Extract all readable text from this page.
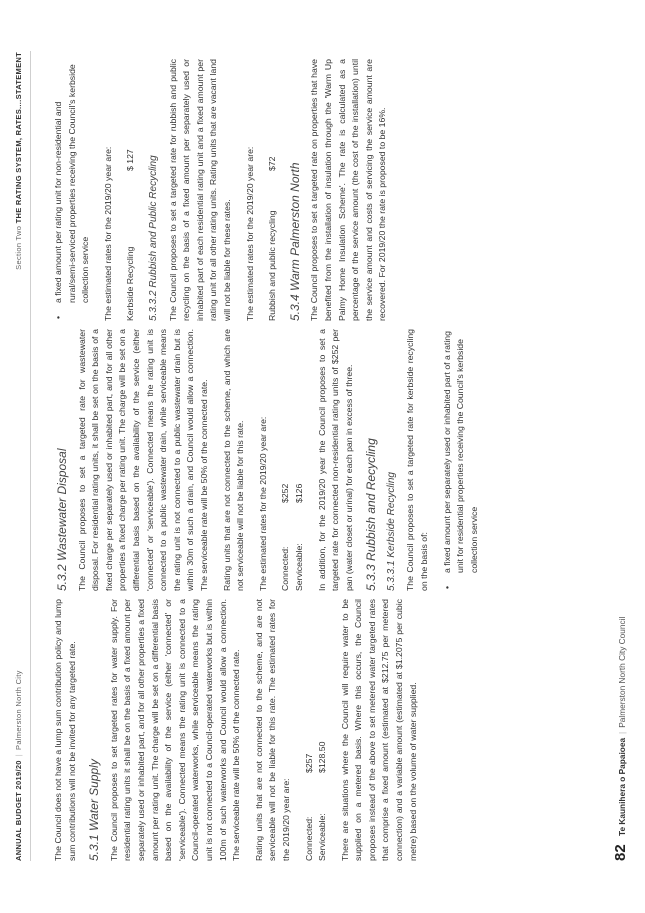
ANNUAL BUDGET 2019/20|Palmerston North City
Section Two THE RATING SYSTEM, RATES....STATEMENT

The Council does not have a lump sum contribution policy and lump sum contributions will not be invited for any targeted rate. 5.3.1 Water Supply The Council proposes to set targeted rates for water supply. For residential rating units it shall be on the basis of a fixed amount per separately used or inhabited part, and for all other properties a fixed amount per rating unit. The charge will be set on a differential basis based on the availability of the service (either 'connected' or 'serviceable'). Connected means the rating unit is connected to a Council-operated waterworks, while serviceable means the rating unit is not connected to a Council-operated waterworks but is within 100m of such waterworks and Council would allow a connection. The serviceable rate will be 50% of the connected rate. Rating units that are not connected to the scheme, and are not serviceable will not be liable for this rate. The estimated rates for the 2019/20 year are: Connected:
$257
Serviceable:
$128.50 There are situations where the Council will require water to be supplied on a metered basis. Where this occurs, the Council proposes instead of the above to set metered water targeted rates that comprise a fixed amount (estimated at $212.75 per metered connection) and a variable amount (estimated at $1.2075 per cubic metre) based on the volume of water supplied.

5.3.2 Wastewater Disposal The Council proposes to set a targeted rate for wastewater disposal. For residential rating units, it shall be set on the basis of a fixed charge per separately used or inhabited part, and for all other properties a fixed charge per rating unit. The charge will be set on a differential basis based on the availability of the service (either 'connected' or 'serviceable'). Connected means the rating unit is connected to a public wastewater drain, while serviceable means the rating unit is not connected to a public wastewater drain but is within 30m of such a drain, and Council would allow a connection. The serviceable rate will be 50% of the connected rate. Rating units that are not connected to the scheme, and which are not serviceable will not be liable for this rate. The estimated rates for the 2019/20 year are: Connected:
$252
Serviceable:
$126 In addition, for the 2019/20 year the Council proposes to set a targeted rate for connected non-residential rating units of $252 per pan (water closet or urinal) for each pan in excess of three. 5.3.3 Rubbish and Recycling 5.3.3.1 Kerbside Recycling The Council proposes to set a targeted rate for kerbside recycling on the basis of: •
a fixed amount per separately used or inhabited part of a rating unit for residential properties receiving the Council's kerbside collection service
•
a fixed amount per rating unit for non-residential and rural/semi-serviced properties receiving the Council's kerbside collection service The estimated rates for the 2019/20 year are: Kerbside Recycling
$ 127 5.3.3.2 Rubbish and Public Recycling The Council proposes to set a targeted rate for rubbish and public recycling on the basis of a fixed amount per separately used or inhabited part of each residential rating unit and a fixed amount per rating unit for all other rating units. Rating units that are vacant land will not be liable for these rates. The estimated rates for the 2019/20 year are: Rubbish and public recycling
$72 5.3.4 Warm Palmerston North The Council proposes to set a targeted rate on properties that have benefited from the installation of insulation through the 'Warm Up Palmy Home Insulation Scheme'. The rate is calculated as a percentage of the service amount (the cost of the installation) until the service amount and costs of servicing the service amount are recovered. For 2019/20 the rate is proposed to be 16%.

82 Te Kaunihera o Papaioea|Palmerston North City Council
